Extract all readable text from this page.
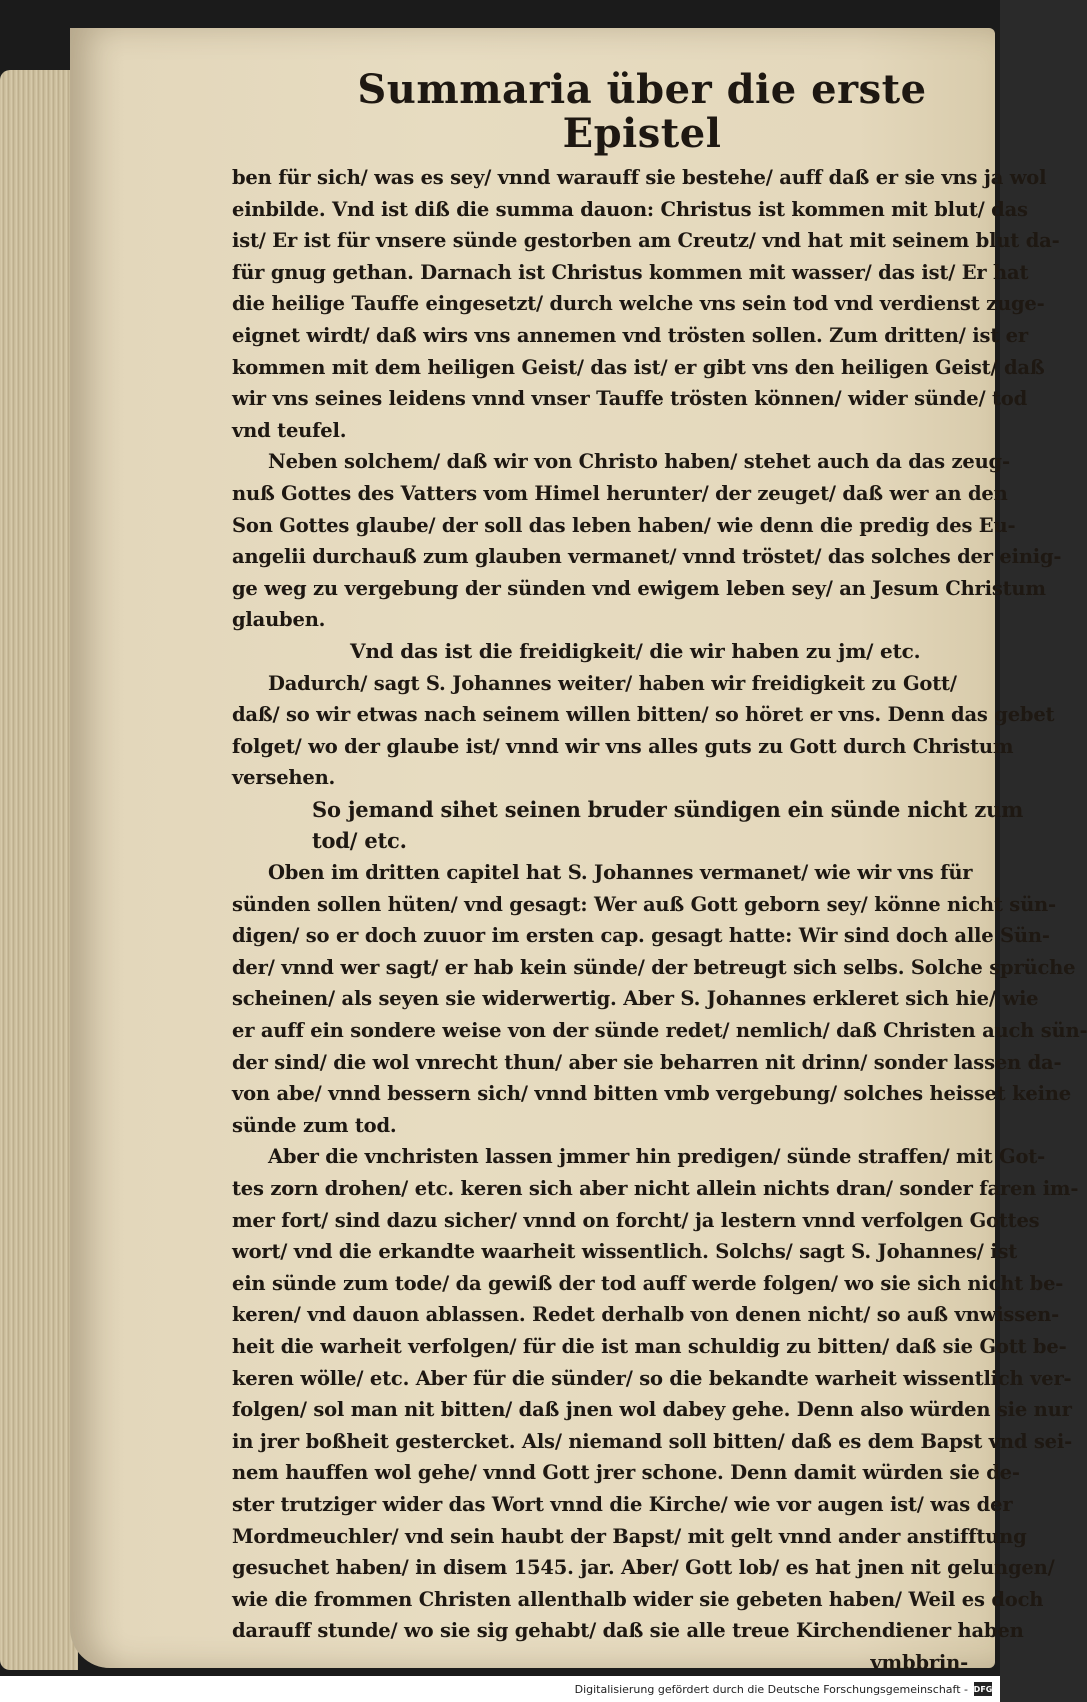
Summaria über die erste Epistel
ben für sich/ was es sey/ vnnd warauff sie bestehe/ auff daß er sie vns ja wol
einbilde. Vnd ist diß die summa dauon: Christus ist kommen mit blut/ das
ist/ Er ist für vnsere sünde gestorben am Creutz/ vnd hat mit seinem blut da-
für gnug gethan. Darnach ist Christus kommen mit wasser/ das ist/ Er hat
die heilige Tauffe eingesetzt/ durch welche vns sein tod vnd verdienst zuge-
eignet wirdt/ daß wirs vns annemen vnd trösten sollen. Zum dritten/ ist er
kommen mit dem heiligen Geist/ das ist/ er gibt vns den heiligen Geist/ daß
wir vns seines leidens vnnd vnser Tauffe trösten können/ wider sünde/ tod
vnd teufel.
Neben solchem/ daß wir von Christo haben/ stehet auch da das zeug-
nuß Gottes des Vatters vom Himel herunter/ der zeuget/ daß wer an den
Son Gottes glaube/ der soll das leben haben/ wie denn die predig des Eu-
angelii durchauß zum glauben vermanet/ vnnd tröstet/ das solches der einig-
ge weg zu vergebung der sünden vnd ewigem leben sey/ an Jesum Christum
glauben.
Vnd das ist die freidigkeit/ die wir haben zu jm/ etc.
Dadurch/ sagt S. Johannes weiter/ haben wir freidigkeit zu Gott/
daß/ so wir etwas nach seinem willen bitten/ so höret er vns. Denn das gebet
folget/ wo der glaube ist/ vnnd wir vns alles guts zu Gott durch Christum
versehen.
So jemand sihet seinen bruder sündigen ein sünde nicht zum
tod/ etc.
Oben im dritten capitel hat S. Johannes vermanet/ wie wir vns für
sünden sollen hüten/ vnd gesagt: Wer auß Gott geborn sey/ könne nicht sün-
digen/ so er doch zuuor im ersten cap. gesagt hatte: Wir sind doch alle Sün-
der/ vnnd wer sagt/ er hab kein sünde/ der betreugt sich selbs. Solche sprüche
scheinen/ als seyen sie widerwertig. Aber S. Johannes erkleret sich hie/ wie
er auff ein sondere weise von der sünde redet/ nemlich/ daß Christen auch sün-
der sind/ die wol vnrecht thun/ aber sie beharren nit drinn/ sonder lassen da-
von abe/ vnnd bessern sich/ vnnd bitten vmb vergebung/ solches heisset keine
sünde zum tod.
Aber die vnchristen lassen jmmer hin predigen/ sünde straffen/ mit Got-
tes zorn drohen/ etc. keren sich aber nicht allein nichts dran/ sonder faren im-
mer fort/ sind dazu sicher/ vnnd on forcht/ ja lestern vnnd verfolgen Gottes
wort/ vnd die erkandte waarheit wissentlich. Solchs/ sagt S. Johannes/ ist
ein sünde zum tode/ da gewiß der tod auff werde folgen/ wo sie sich nicht be-
keren/ vnd dauon ablassen. Redet derhalb von denen nicht/ so auß vnwissen-
heit die warheit verfolgen/ für die ist man schuldig zu bitten/ daß sie Gott be-
keren wölle/ etc. Aber für die sünder/ so die bekandte warheit wissentlich ver-
folgen/ sol man nit bitten/ daß jnen wol dabey gehe. Denn also würden sie nur
in jrer boßheit gestercket. Als/ niemand soll bitten/ daß es dem Bapst vnd sei-
nem hauffen wol gehe/ vnnd Gott jrer schone. Denn damit würden sie de-
ster trutziger wider das Wort vnnd die Kirche/ wie vor augen ist/ was der
Mordmeuchler/ vnd sein haubt der Bapst/ mit gelt vnnd ander anstifftung
gesuchet haben/ in disem 1545. jar. Aber/ Gott lob/ es hat jnen nit gelungen/
wie die frommen Christen allenthalb wider sie gebeten haben/ Weil es doch
darauff stunde/ wo sie sig gehabt/ daß sie alle treue Kirchendiener haben
vmbbrin-
Digitalisierung gefördert durch die Deutsche Forschungsgemeinschaft - DFG
